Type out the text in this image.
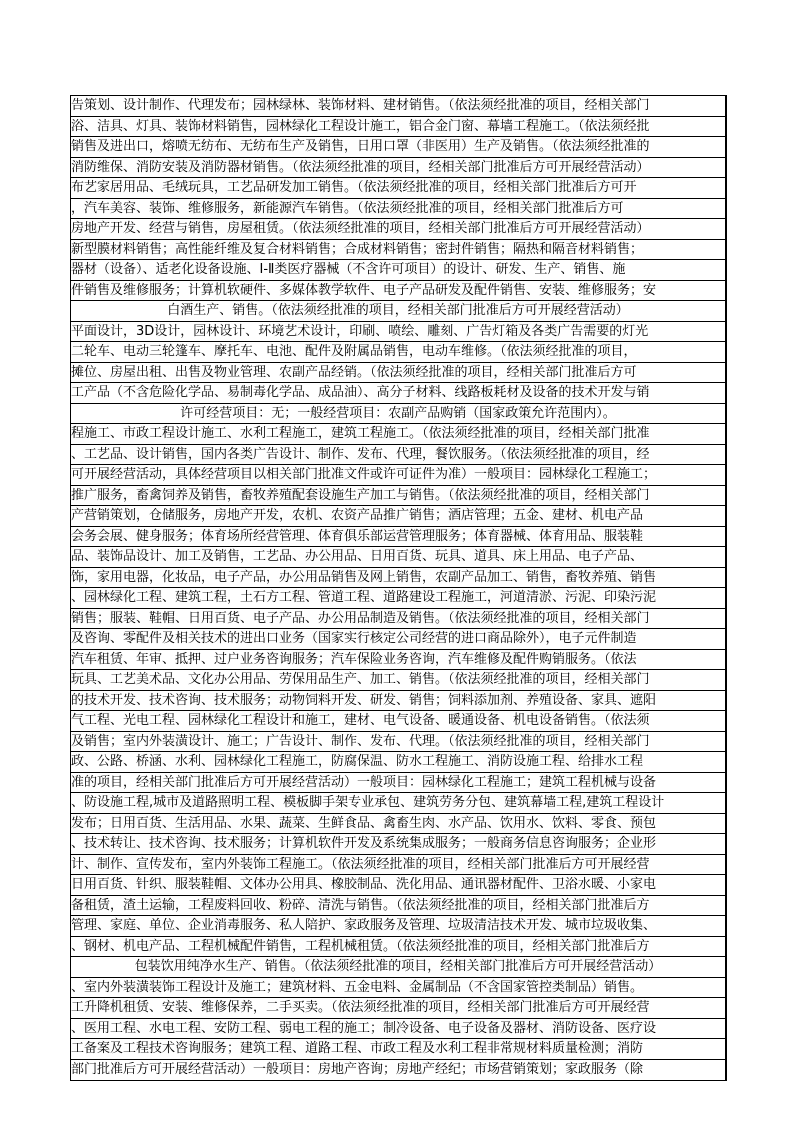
告策划、设计制作、代理发布；园林绿林、装饰材料、建材销售。（依法须经批准的项目，经相关部门
浴、洁具、灯具、装饰材料销售，园林绿化工程设计施工，铝合金门窗、幕墙工程施工。（依法须经批
销售及进出口，熔喷无纺布、无纺布生产及销售，日用口罩（非医用）生产及销售。（依法须经批准的
消防维保、消防安装及消防器材销售。（依法须经批准的项目，经相关部门批准后方可开展经营活动）
布艺家居用品、毛绒玩具，工艺品研发加工销售。（依法须经批准的项目，经相关部门批准后方可开
，汽车美容、装饰、维修服务，新能源汽车销售。（依法须经批准的项目，经相关部门批准后方可
房地产开发、经营与销售，房屋租赁。（依法须经批准的项目，经相关部门批准后方可开展经营活动）
新型膜材料销售；高性能纤维及复合材料销售；合成材料销售；密封件销售；隔热和隔音材料销售；
器材（设备）、适老化设备设施、Ⅰ-Ⅱ类医疗器械（不含许可项目）的设计、研发、生产、销售、施
件销售及维修服务；计算机软硬件、多媒体教学软件、电子产品研发及配件销售、安装、维修服务；安
白酒生产、销售。（依法须经批准的项目，经相关部门批准后方可开展经营活动）
平面设计，3D设计，园林设计、环境艺术设计，印刷、喷绘、雕刻、广告灯箱及各类广告需要的灯光
二轮车、电动三轮篷车、摩托车、电池、配件及附属品销售，电动车维修。（依法须经批准的项目，
摊位、房屋出租、出售及物业管理、农副产品经销。（依法须经批准的项目，经相关部门批准后方可
工产品（不含危险化学品、易制毒化学品、成品油）、高分子材料、线路板耗材及设备的技术开发与销
许可经营项目：无；一般经营项目：农副产品购销（国家政策允许范围内）。
程施工、市政工程设计施工、水利工程施工，建筑工程施工。（依法须经批准的项目，经相关部门批准
、工艺品、设计销售，国内各类广告设计、制作、发布、代理，餐饮服务。（依法须经批准的项目，经
可开展经营活动，具体经营项目以相关部门批准文件或许可证件为准）一般项目：园林绿化工程施工；
推广服务，畜禽饲养及销售，畜牧养殖配套设施生产加工与销售。（依法须经批准的项目，经相关部门
产营销策划，仓储服务，房地产开发，农机、农资产品推广销售；酒店管理；五金、建材、机电产品
会务会展、健身服务；体育场所经营管理、体育俱乐部运营管理服务；体育器械、体育用品、服装鞋
品、装饰品设计、加工及销售，工艺品、办公用品、日用百货、玩具、道具、床上用品、电子产品、
饰，家用电器，化妆品，电子产品，办公用品销售及网上销售，农副产品加工、销售，畜牧养殖、销售
、园林绿化工程、建筑工程，土石方工程、管道工程、道路建设工程施工，河道清淤、污泥、印染污泥
销售；服装、鞋帽、日用百货、电子产品、办公用品制造及销售。（依法须经批准的项目，经相关部门
及咨询、零配件及相关技术的进出口业务（国家实行核定公司经营的进口商品除外），电子元件制造
汽车租赁、年审、抵押、过户业务咨询服务；汽车保险业务咨询，汽车维修及配件购销服务。（依法
玩具、工艺美术品、文化办公用品、劳保用品生产、加工、销售。（依法须经批准的项目，经相关部门
的技术开发、技术咨询、技术服务；动物饲料开发、研发、销售；饲料添加剂、养殖设备、家具、遮阳
气工程、光电工程、园林绿化工程设计和施工，建材、电气设备、暖通设备、机电设备销售。（依法须
及销售；室内外装潢设计、施工；广告设计、制作、发布、代理。（依法须经批准的项目，经相关部门
政、公路、桥涵、水利、园林绿化工程施工，防腐保温、防水工程施工、消防设施工程、给排水工程
准的项目，经相关部门批准后方可开展经营活动）一般项目：园林绿化工程施工；建筑工程机械与设备
、防设施工程,城市及道路照明工程、模板脚手架专业承包、建筑劳务分包、建筑幕墙工程,建筑工程设计
发布；日用百货、生活用品、水果、蔬菜、生鲜食品、禽畜生肉、水产品、饮用水、饮料、零食、预包
、技术转让、技术咨询、技术服务；计算机软件开发及系统集成服务；一般商务信息咨询服务；企业形
计、制作、宣传发布，室内外装饰工程施工。（依法须经批准的项目，经相关部门批准后方可开展经营
日用百货、针织、服装鞋帽、文体办公用具、橡胶制品、洗化用品、通讯器材配件、卫浴水暖、小家电
备租赁，渣土运输，工程废料回收、粉碎、清洗与销售。（依法须经批准的项目，经相关部门批准后方
管理、家庭、单位、企业消毒服务、私人陪护、家政服务及管理、垃圾清洁技术开发、城市垃圾收集、
、钢材、机电产品、工程机械配件销售，工程机械租赁。（依法须经批准的项目，经相关部门批准后方
包装饮用纯净水生产、销售。（依法须经批准的项目，经相关部门批准后方可开展经营活动）
、室内外装潢装饰工程设计及施工；建筑材料、五金电料、金属制品（不含国家管控类制品）销售。
工升降机租赁、安装、维修保养，二手买卖。（依法须经批准的项目，经相关部门批准后方可开展经营
、医用工程、水电工程、安防工程、弱电工程的施工；制冷设备、电子设备及器材、消防设备、医疗设
工备案及工程技术咨询服务；建筑工程、道路工程、市政工程及水利工程非常规材料质量检测；消防
部门批准后方可开展经营活动）一般项目：房地产咨询；房地产经纪；市场营销策划；家政服务（除
